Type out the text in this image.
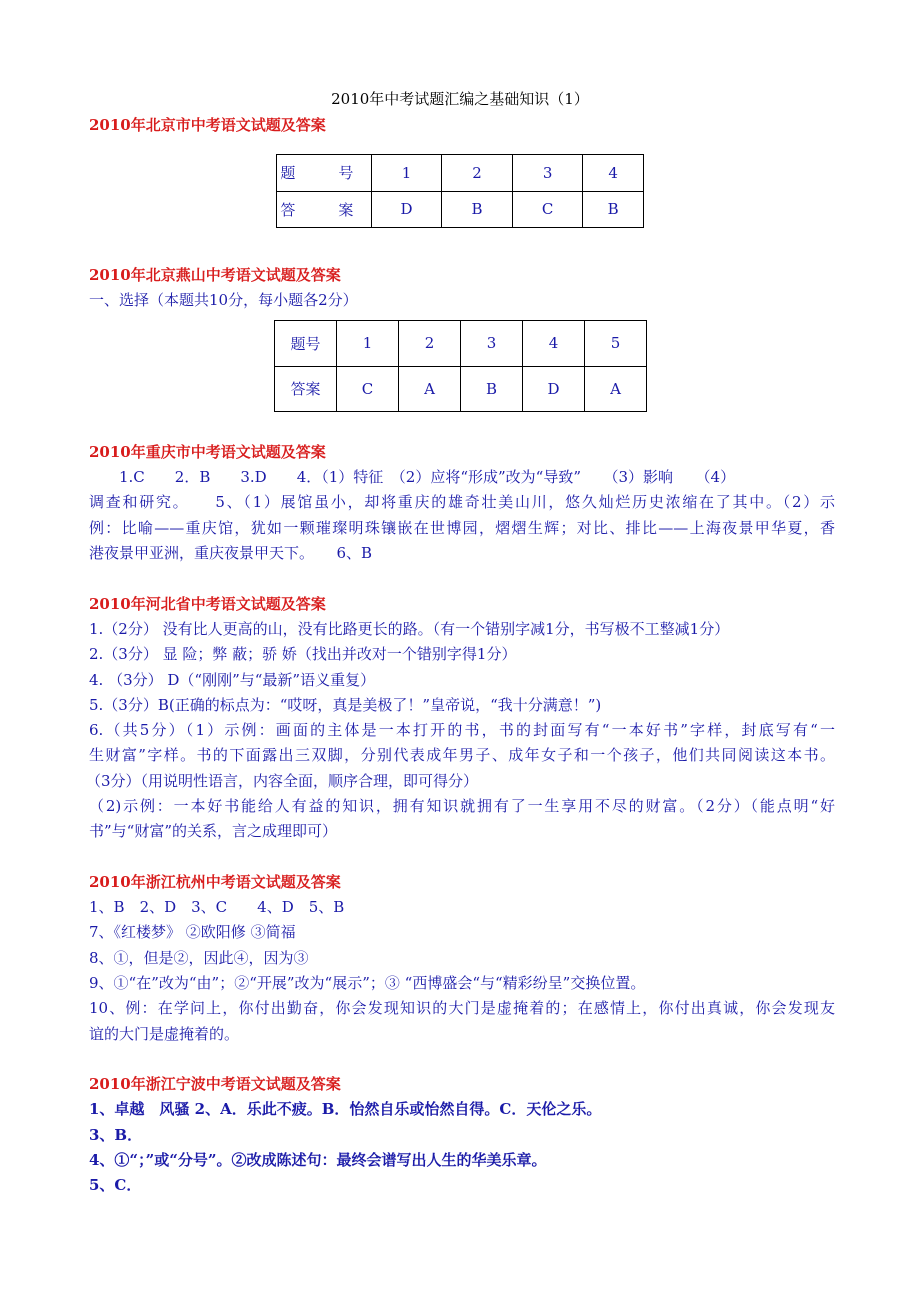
2010年中考试题汇编之基础知识（1）
2010年北京市中考语文试题及答案
题　号	1	2	3	4
答　案	D	B	C	B
2010年北京燕山中考语文试题及答案
一、选择（本题共10分，每小题各2分）
题号	1	2	3	4	5
答案	C	A	B	D	A
2010年重庆市中考语文试题及答案
1.C　　2．B　　3.D　　4．（1）特征　（2）应将“形成”改为“导致”　　（3）影响　　（4）
调查和研究。　　5、（1）展馆虽小，却将重庆的雄奇壮美山川，悠久灿烂历史浓缩在了其中。（2）示
例：比喻——重庆馆，犹如一颗璀璨明珠镶嵌在世博园，熠熠生辉；对比、排比——上海夜景甲华夏，香
港夜景甲亚洲，重庆夜景甲天下。　　6、B
2010年河北省中考语文试题及答案
1.（2分） 没有比人更高的山，没有比路更长的路。（有一个错别字减1分，书写极不工整减1分）
2.（3分） 显 险；弊 蔽；骄 娇（找出并改对一个错别字得1分）
4. （3分） D（“刚刚”与“最新”语义重复）
5.（3分）B(正确的标点为：“哎呀，真是美极了！”皇帝说，“我十分满意！”)
6.（共5分）（1）示例：画面的主体是一本打开的书，书的封面写有“一本好书”字样，封底写有“一
生财富”字样。书的下面露出三双脚，分别代表成年男子、成年女子和一个孩子，他们共同阅读这本书。
（3分）（用说明性语言，内容全面，顺序合理，即可得分）
（2)示例：一本好书能给人有益的知识，拥有知识就拥有了一生享用不尽的财富。（2分）（能点明“好
书”与“财富”的关系，言之成理即可）
2010年浙江杭州中考语文试题及答案
1、B　2、D　3、C　　4、D　5、B
7、《红楼梦》 ②欧阳修 ③简福
8、①，但是②，因此④，因为③
9、①“在”改为“由”；②“开展”改为“展示”；③ “西博盛会“与“精彩纷呈”交换位置。
10、例：在学问上，你付出勤奋，你会发现知识的大门是虚掩着的；在感情上，你付出真诚，你会发现友
谊的大门是虚掩着的。
2010年浙江宁波中考语文试题及答案
1、卓越　风骚 2、A．乐此不疲。B．怡然自乐或怡然自得。C．天伦之乐。
3、B．
4、①“；”或“分号”。②改成陈述句：最终会谱写出人生的华美乐章。
5、C．
